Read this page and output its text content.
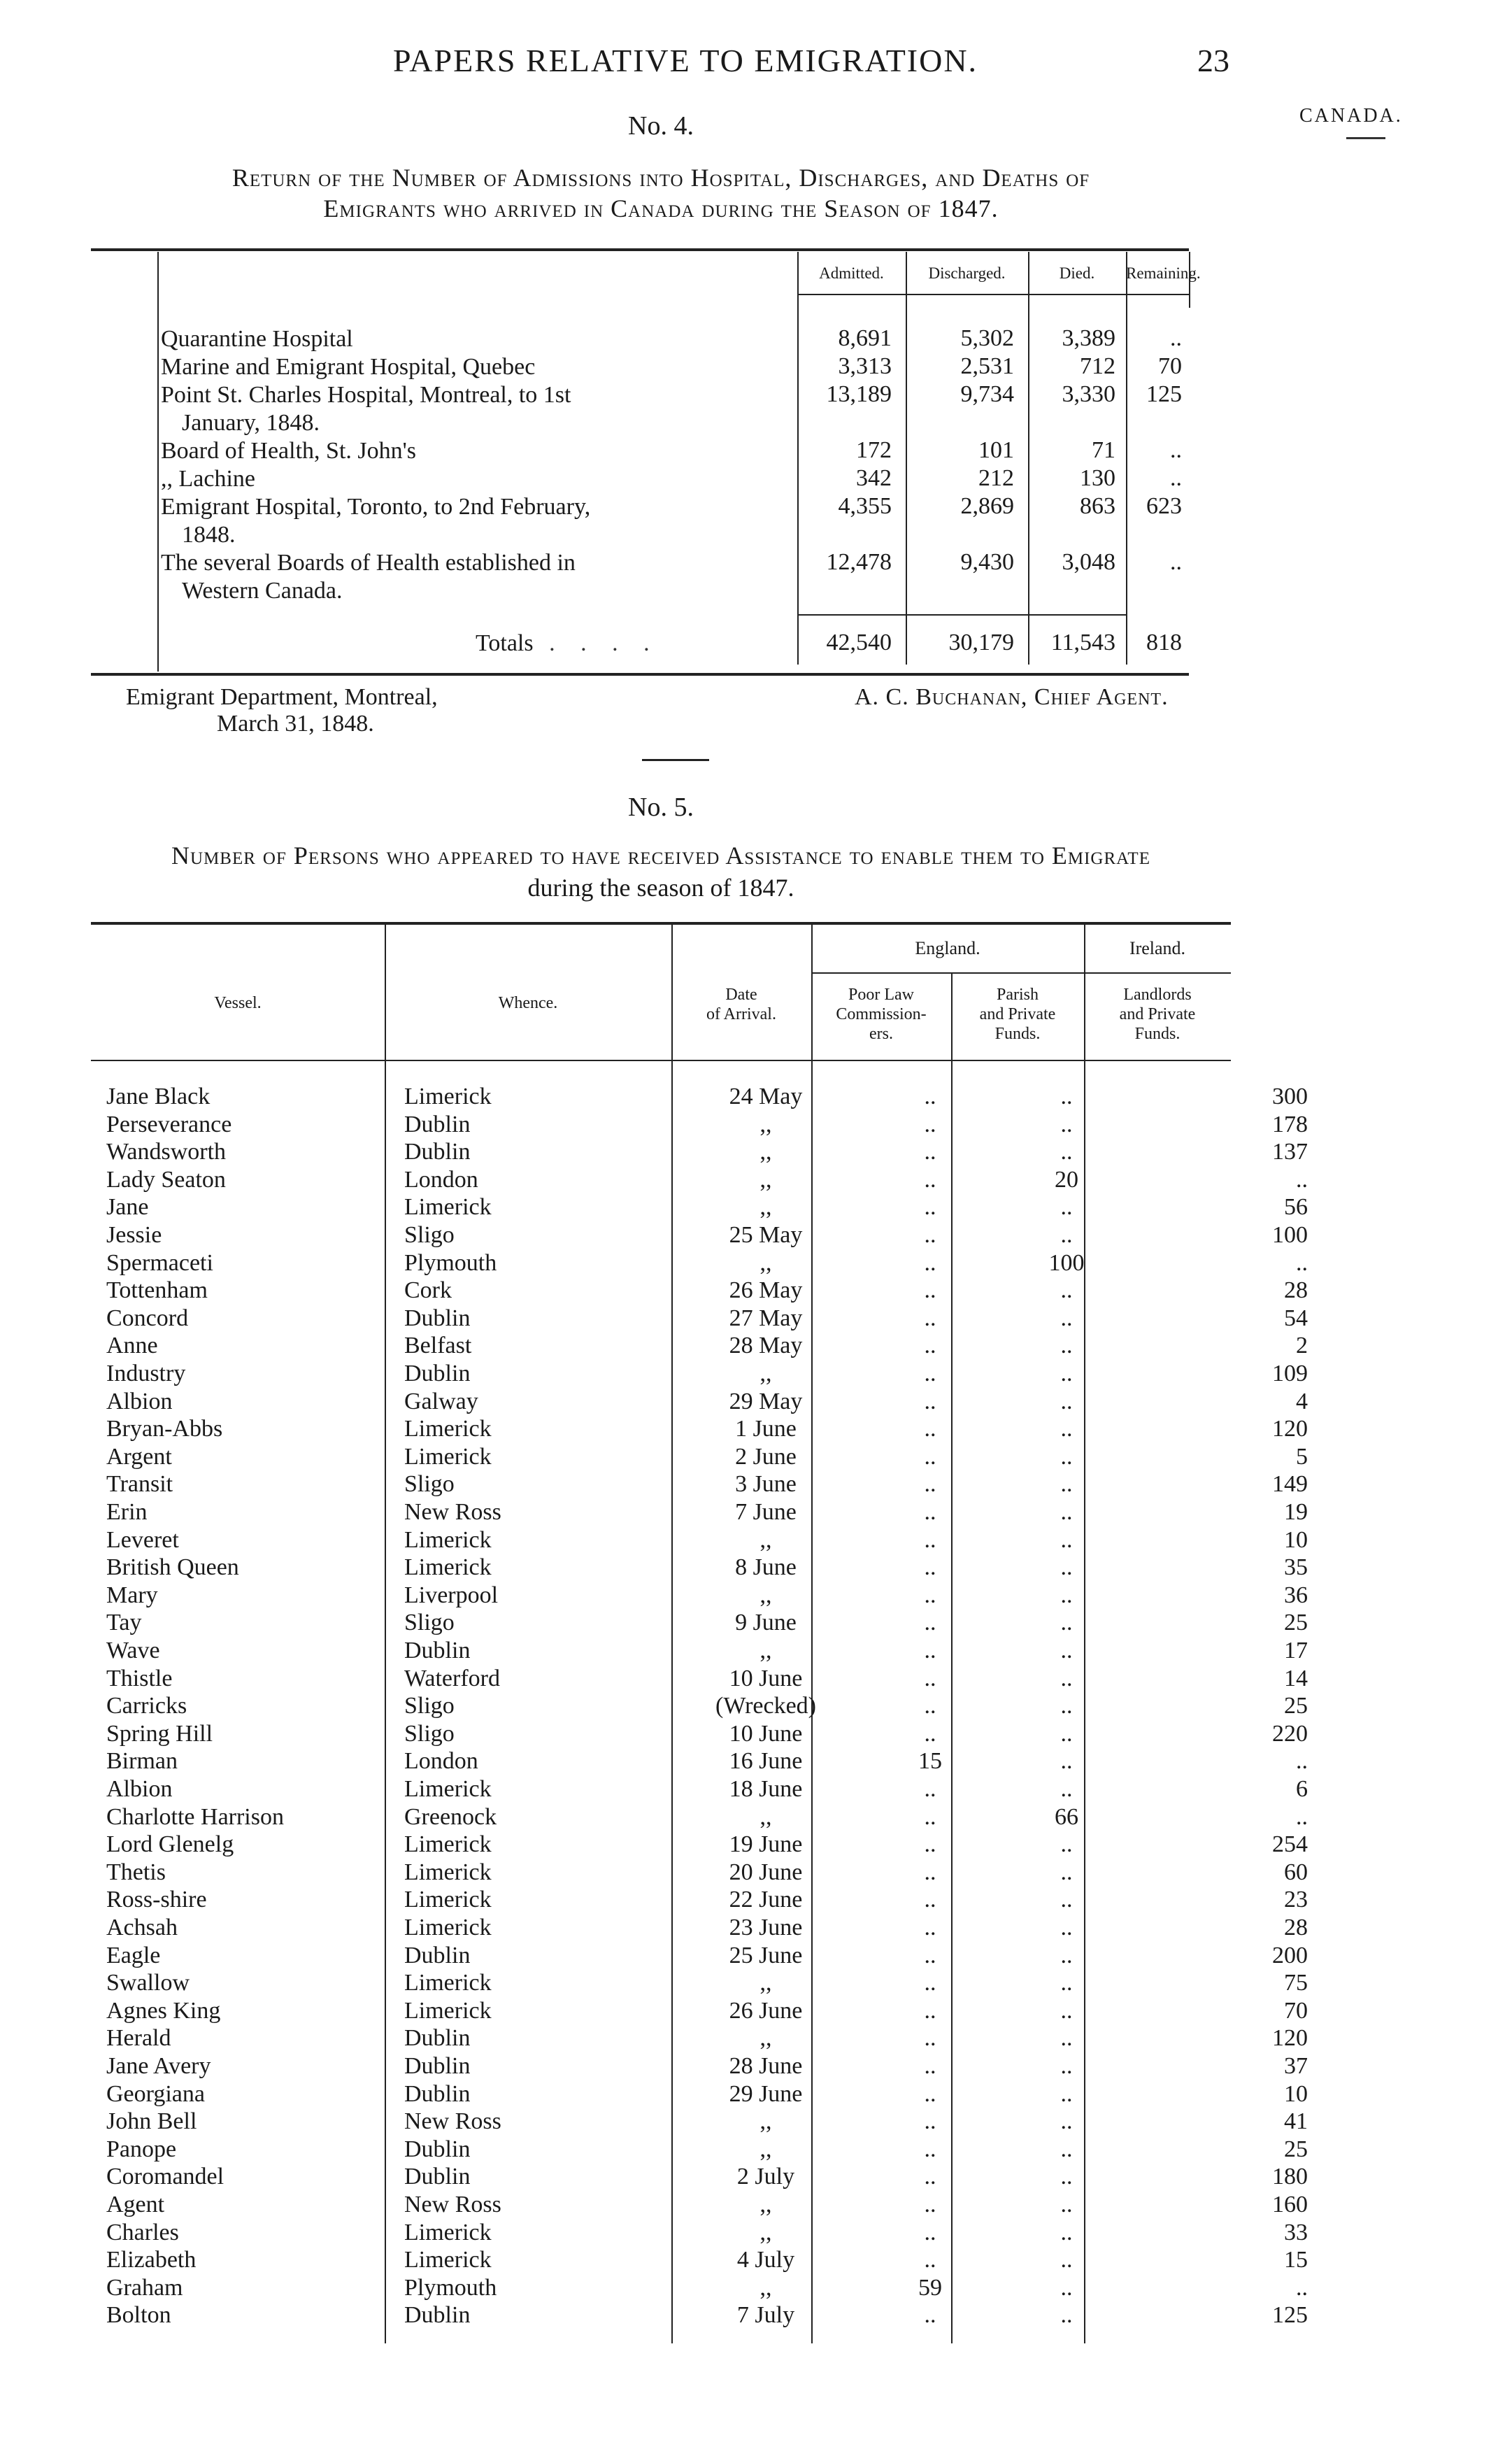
PAPERS RELATIVE TO EMIGRATION.	23
CANADA.
No. 4.
Return of the Number of Admissions into Hospital, Discharges, and Deaths of
Emigrants who arrived in Canada during the Season of 1847.
Admitted.	Discharged.	Died.	Remaining.
Quarantine Hospital	8,691	5,302	3,389	..
Marine and Emigrant Hospital, Quebec	3,313	2,531	712	70
Point St. Charles Hospital, Montreal, to 1st	13,189	9,734	3,330	125
January, 1848.
Board of Health, St. John's	172	101	71	..
,, Lachine	342	212	130	..
Emigrant Hospital, Toronto, to 2nd February,	4,355	2,869	863	623
1848.
The several Boards of Health established in	12,478	9,430	3,048	..
Western Canada.
Totals . . . .	42,540	30,179	11,543	818
Emigrant Department, Montreal,
March 31, 1848.
A. C. Buchanan, Chief Agent.
No. 5.
Number of Persons who appeared to have received Assistance to enable them to Emigrate
during the season of 1847.
England.	Ireland.
Vessel.	Whence.	Date
of Arrival.
Poor Law
Commission-
ers.
Parish
and Private
Funds.
Landlords
and Private
Funds.
Jane Black	Limerick	24 May	..	..	300
Perseverance	Dublin	,,	..	..	178
Wandsworth	Dublin	,,	..	..	137
Lady Seaton	London	,,	..	20	..
Jane	Limerick	,,	..	..	56
Jessie	Sligo	25 May	..	..	100
Spermaceti	Plymouth	,,	..	100	..
Tottenham	Cork	26 May	..	..	28
Concord	Dublin	27 May	..	..	54
Anne	Belfast	28 May	..	..	2
Industry	Dublin	,,	..	..	109
Albion	Galway	29 May	..	..	4
Bryan-Abbs	Limerick	1 June	..	..	120
Argent	Limerick	2 June	..	..	5
Transit	Sligo	3 June	..	..	149
Erin	New Ross	7 June	..	..	19
Leveret	Limerick	,,	..	..	10
British Queen	Limerick	8 June	..	..	35
Mary	Liverpool	,,	..	..	36
Tay	Sligo	9 June	..	..	25
Wave	Dublin	,,	..	..	17
Thistle	Waterford	10 June	..	..	14
Carricks	Sligo	(Wrecked)	..	..	25
Spring Hill	Sligo	10 June	..	..	220
Birman	London	16 June	15	..	..
Albion	Limerick	18 June	..	..	6
Charlotte Harrison	Greenock	,,	..	66	..
Lord Glenelg	Limerick	19 June	..	..	254
Thetis	Limerick	20 June	..	..	60
Ross-shire	Limerick	22 June	..	..	23
Achsah	Limerick	23 June	..	..	28
Eagle	Dublin	25 June	..	..	200
Swallow	Limerick	,,	..	..	75
Agnes King	Limerick	26 June	..	..	70
Herald	Dublin	,,	..	..	120
Jane Avery	Dublin	28 June	..	..	37
Georgiana	Dublin	29 June	..	..	10
John Bell	New Ross	,,	..	..	41
Panope	Dublin	,,	..	..	25
Coromandel	Dublin	2 July	..	..	180
Agent	New Ross	,,	..	..	160
Charles	Limerick	,,	..	..	33
Elizabeth	Limerick	4 July	..	..	15
Graham	Plymouth	,,	59	..	..
Bolton	Dublin	7 July	..	..	125
